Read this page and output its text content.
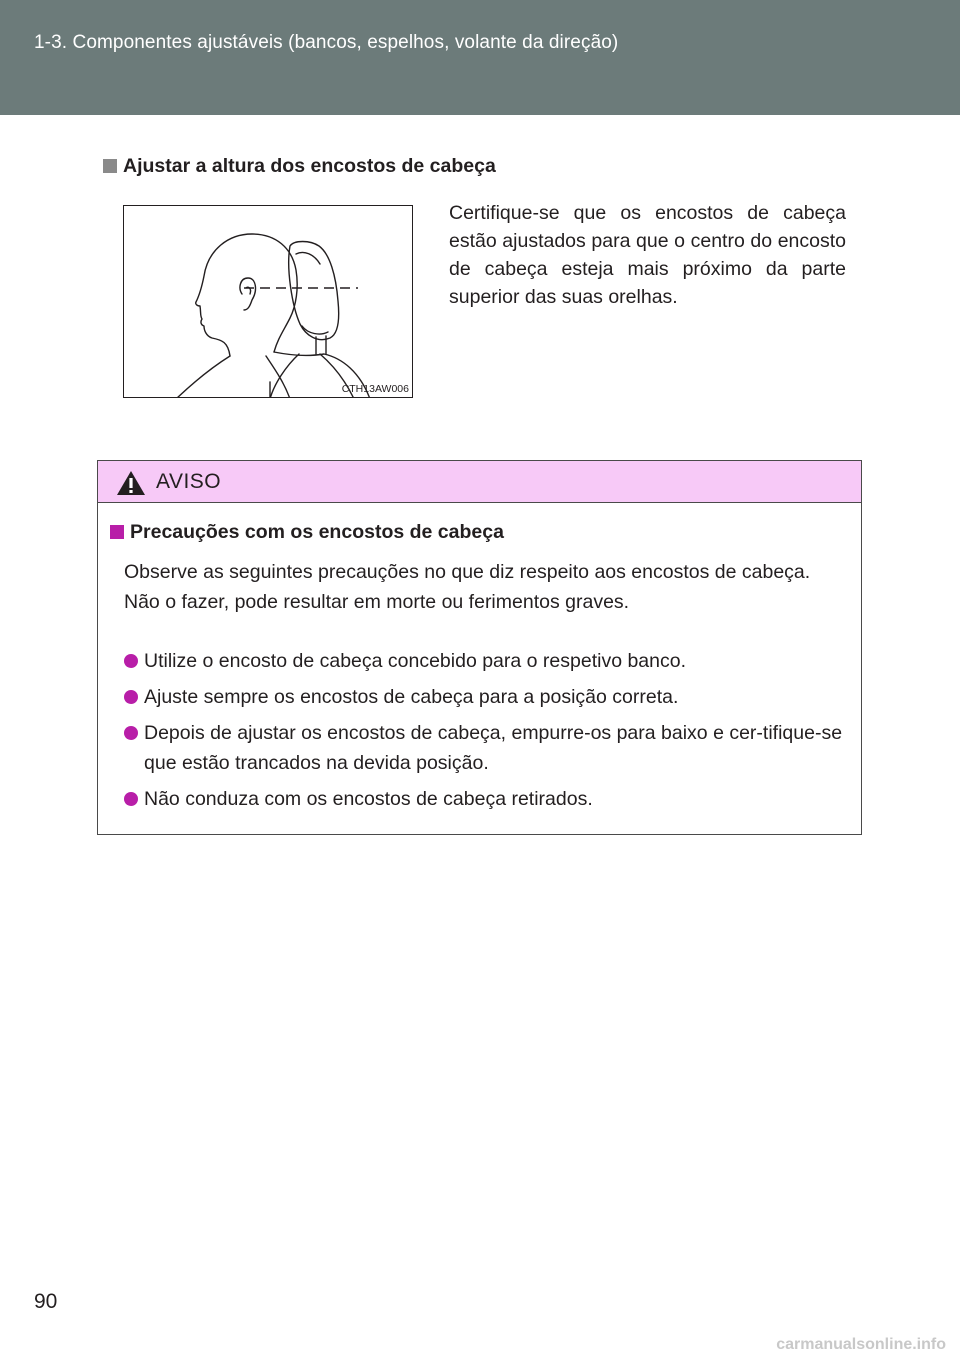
1-3. Componentes ajustáveis (bancos, espelhos, volante da direção)
Ajustar a altura dos encostos de cabeça
CTH13AW006
Certifique-se que os encostos de cabeça estão ajustados para que o centro do encosto de cabeça esteja mais próximo da parte superior das suas orelhas.
AVISO
Precauções com os encostos de cabeça

Observe as seguintes precauções no que diz respeito aos encostos de cabeça.

Não o fazer, pode resultar em morte ou ferimentos graves.

Utilize o encosto de cabeça concebido para o respetivo banco.
Ajuste sempre os encostos de cabeça para a posição correta.
Depois de ajustar os encostos de cabeça, empurre-os para baixo e cer-tifique-se que estão trancados na devida posição.
Não conduza com os encostos de cabeça retirados.
90
carmanualsonline.info
